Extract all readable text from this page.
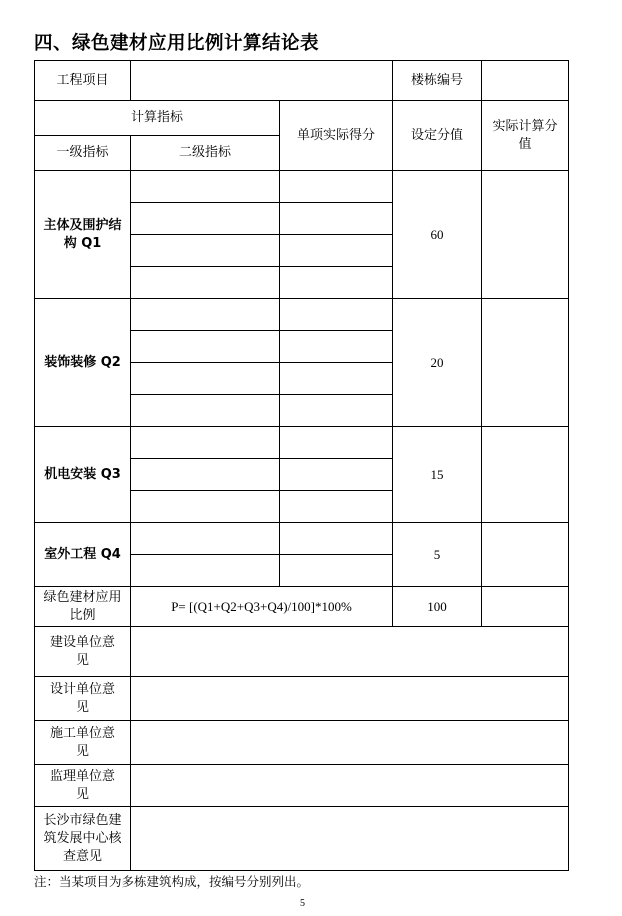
四、绿色建材应用比例计算结论表
工程项目			楼栋编号	
计算指标		单项实际得分	设定分值	实际计算分值
一级指标	二级指标			
主体及围护结构 Q1			60	

装饰装修 Q2			20	

机电安装 Q3			15	

室外工程 Q4			5	

绿色建材应用比例	P= [(Q1+Q2+Q3+Q4)/100]*100%		100	
建设单位意见				
设计单位意见				
施工单位意见				
监理单位意见				
长沙市绿色建筑发展中心核查意见				
注：当某项目为多栋建筑构成，按编号分别列出。
5
